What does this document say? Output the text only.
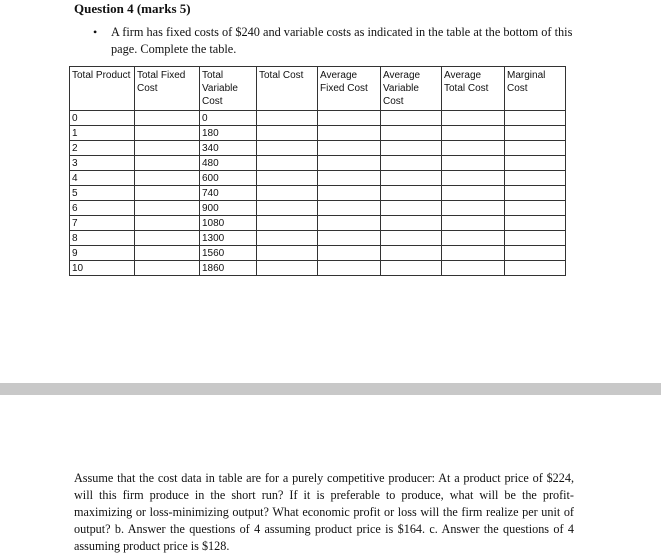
Question 4 (marks 5)
• A firm has fixed costs of $240 and variable costs as indicated in the table at the bottom of this page. Complete the table.
Total Product	Total Fixed Cost	Total Variable Cost	Total Cost	Average Fixed Cost	Average Variable Cost	Average Total Cost	Marginal Cost
0		0					
1		180					
2		340					
3		480					
4		600					
5		740					
6		900					
7		1080					
8		1300					
9		1560					
10		1860					
Assume that the cost data in table are for a purely competitive producer: At a product price of $224, will this firm produce in the short run? If it is preferable to produce, what will be the profit-maximizing or loss-minimizing output? What economic profit or loss will the firm realize per unit of output? b. Answer the questions of 4 assuming product price is $164. c. Answer the questions of 4 assuming product price is $128.
